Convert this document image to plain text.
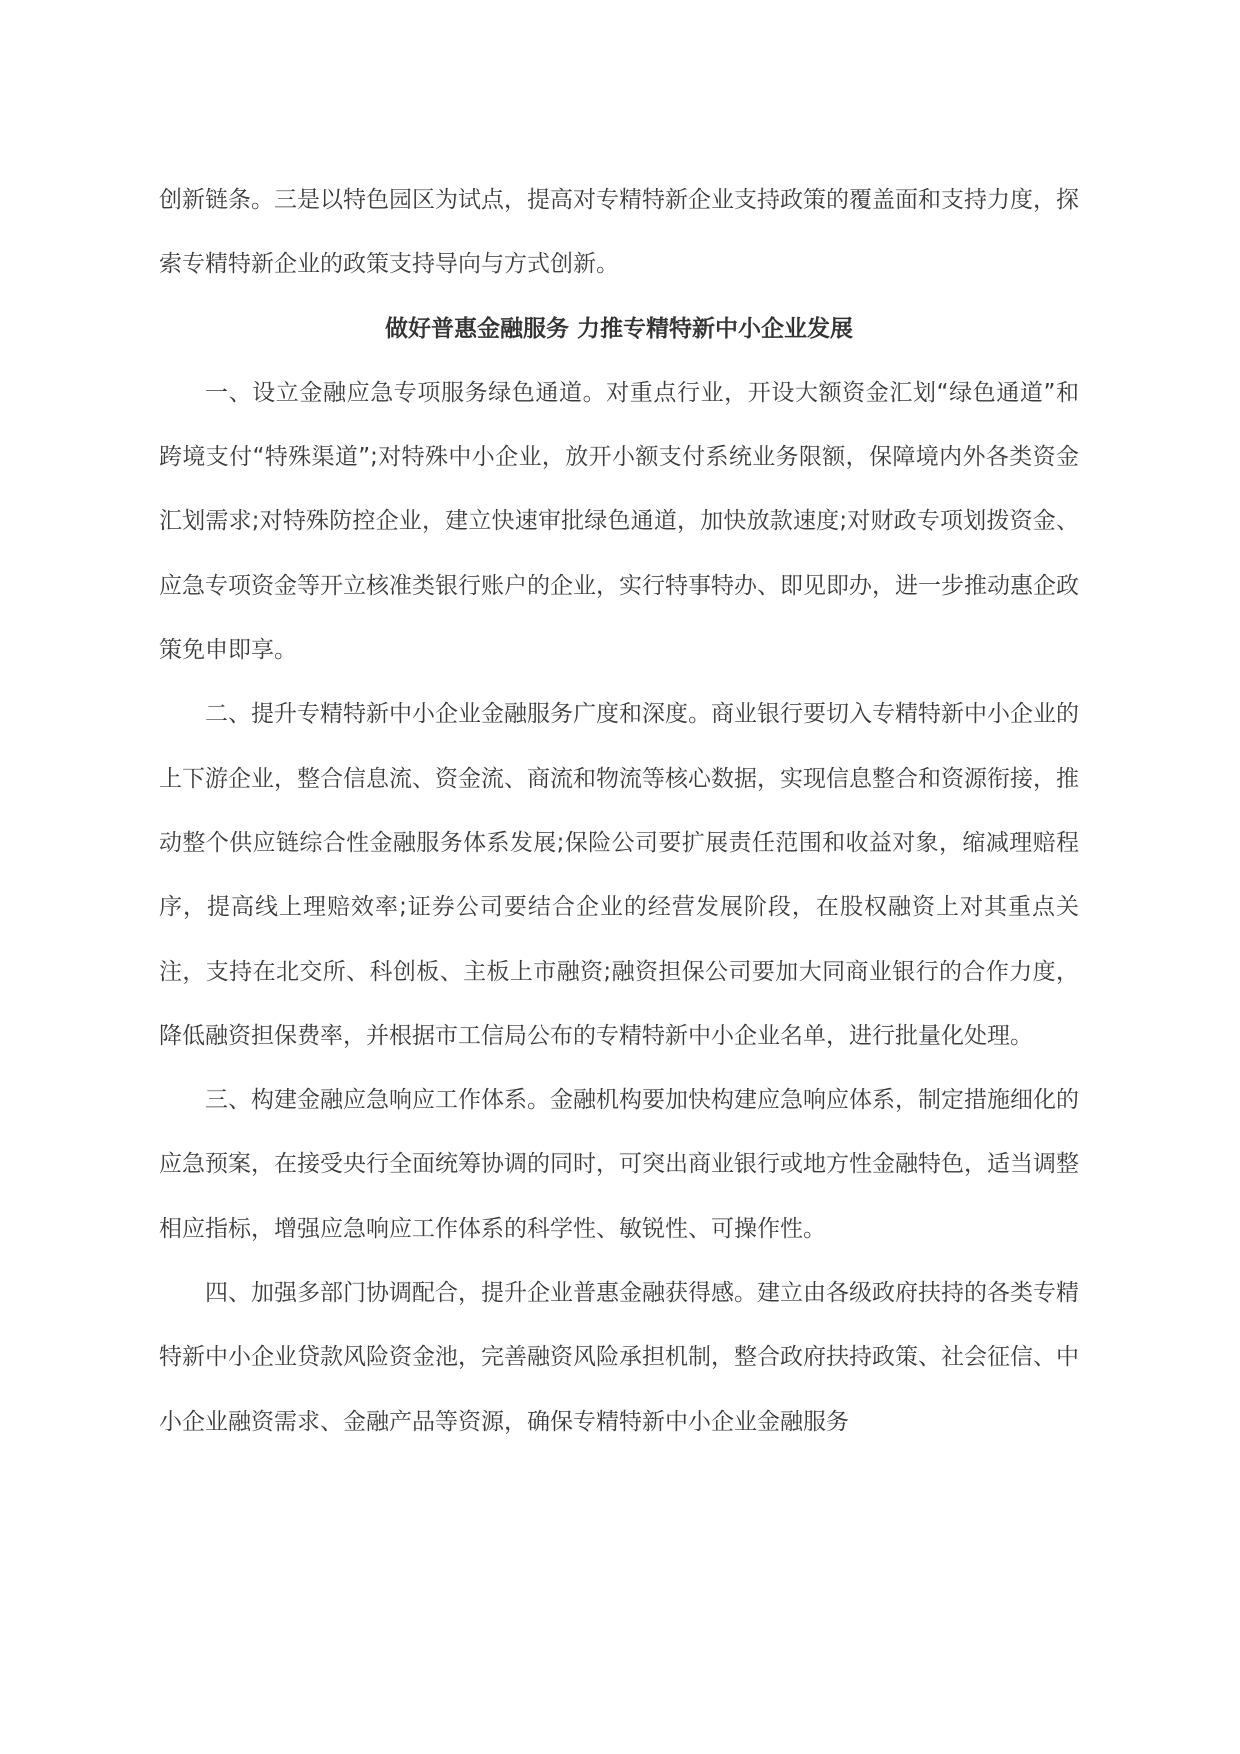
创新链条。三是以特色园区为试点，提高对专精特新企业支持政策的覆盖面和支持力度，探索专精特新企业的政策支持导向与方式创新。

做好普惠金融服务 力推专精特新中小企业发展

一、设立金融应急专项服务绿色通道。对重点行业，开设大额资金汇划“绿色通道”和跨境支付“特殊渠道”;对特殊中小企业，放开小额支付系统业务限额，保障境内外各类资金汇划需求;对特殊防控企业，建立快速审批绿色通道，加快放款速度;对财政专项划拨资金、应急专项资金等开立核准类银行账户的企业，实行特事特办、即见即办，进一步推动惠企政策免申即享。

二、提升专精特新中小企业金融服务广度和深度。商业银行要切入专精特新中小企业的上下游企业，整合信息流、资金流、商流和物流等核心数据，实现信息整合和资源衔接，推动整个供应链综合性金融服务体系发展;保险公司要扩展责任范围和收益对象，缩减理赔程序，提高线上理赔效率;证券公司要结合企业的经营发展阶段，在股权融资上对其重点关注，支持在北交所、科创板、主板上市融资;融资担保公司要加大同商业银行的合作力度，降低融资担保费率，并根据市工信局公布的专精特新中小企业名单，进行批量化处理。

三、构建金融应急响应工作体系。金融机构要加快构建应急响应体系，制定措施细化的应急预案，在接受央行全面统筹协调的同时，可突出商业银行或地方性金融特色，适当调整相应指标，增强应急响应工作体系的科学性、敏锐性、可操作性。

四、加强多部门协调配合，提升企业普惠金融获得感。建立由各级政府扶持的各类专精特新中小企业贷款风险资金池，完善融资风险承担机制，整合政府扶持政策、社会征信、中小企业融资需求、金融产品等资源，确保专精特新中小企业金融服务
